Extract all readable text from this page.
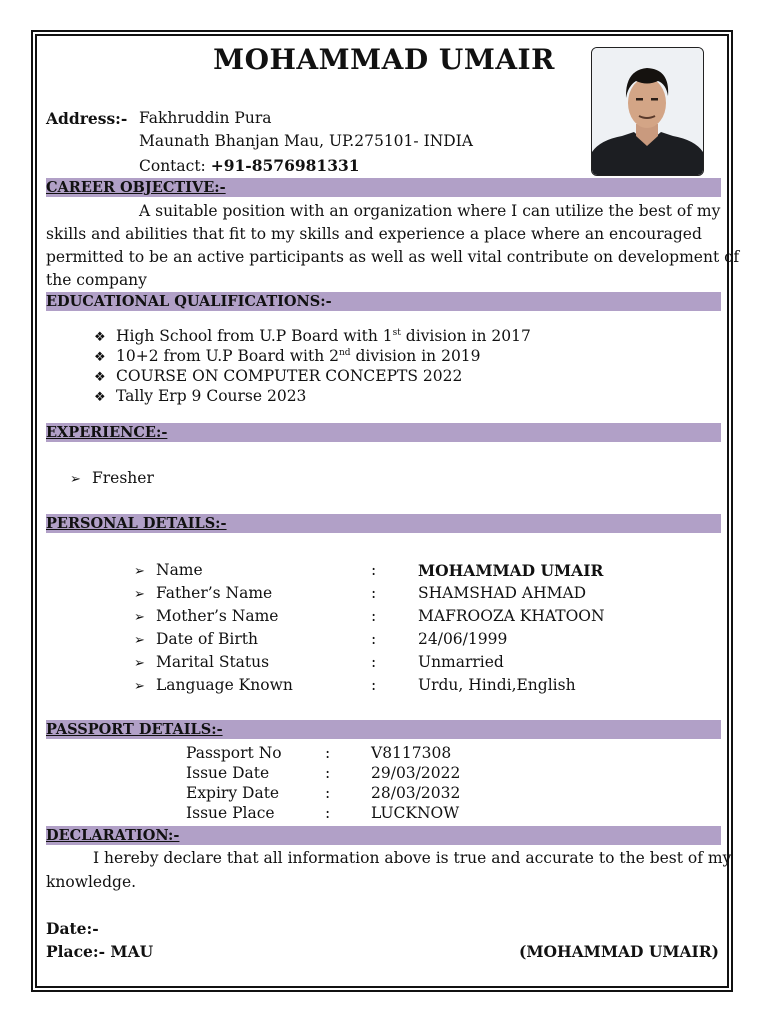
MOHAMMAD UMAIR
Address:- Fakhruddin Pura
Maunath Bhanjan Mau, UP.275101- INDIA
Contact: +91-8576981331
CAREER OBJECTIVE:-
A suitable position with an organization where I can utilize the best of my
skills and abilities that fit to my skills and experience a place where an encouraged
permitted to be an active participants as well as well vital contribute on development of
the company
EDUCATIONAL QUALIFICATIONS:-
❖ High School from U.P Board with 1st division in 2017
❖ 10+2 from U.P Board with 2nd division in 2019
❖ COURSE ON COMPUTER CONCEPTS 2022
❖ Tally Erp 9 Course 2023
EXPERIENCE:-
➢ Fresher
PERSONAL DETAILS:-
➢ Name	:	MOHAMMAD UMAIR
➢ Father’s Name	:	SHAMSHAD AHMAD
➢ Mother’s Name	:	MAFROOZA KHATOON
➢ Date of Birth	:	24/06/1999
➢ Marital Status	:	Unmarried
➢ Language Known	:	Urdu, Hindi,English
PASSPORT DETAILS:-
Passport No	:	V8117308
Issue Date	:	29/03/2022
Expiry Date	:	28/03/2032
Issue Place	:	LUCKNOW
DECLARATION:-
I hereby declare that all information above is true and accurate to the best of my
knowledge.
Date:-
Place:- MAU	(MOHAMMAD UMAIR)
